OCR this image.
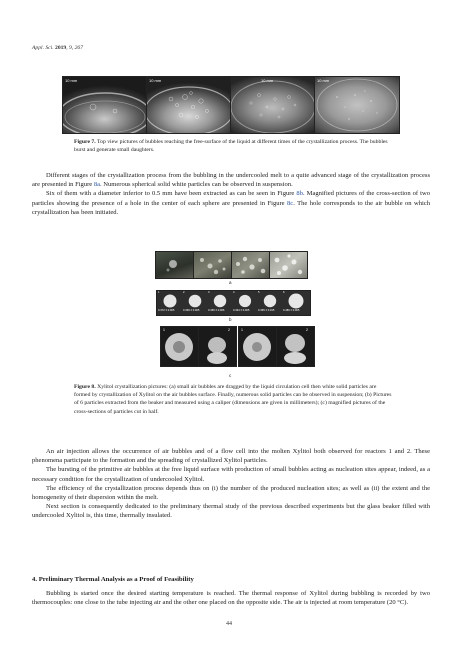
Appl. Sci. 2019, 9, 267
10 mm	10 mm	10 mm	10 mm
Figure 7. Top view pictures of bubbles reaching the free-surface of the liquid at different times of the crystallization process. The bubbles burst and generate small daughters.

Different stages of the crystallization process from the bubbling in the undercooled melt to a quite advanced stage of the crystallization process are presented in Figure 8a. Numerous spherical solid white particles can be observed in suspension.

Six of them with a diameter inferior to 0.5 mm have been extracted as can be seen in Figure 8b. Magnified pictures of the cross-section of two particles showing the presence of a hole in the center of each sphere are presented in Figure 8c. The hole corresponds to the air bubble on which crystallization has been initiated.

a
1	2	3	4	5	6
0.372 ± 0.005	0.369 ± 0.005	0.366 ± 0.006	0.364 ± 0.005	0.365 ± 0.015	0.480 ± 0.005
b
1	2	1	2
c
Figure 8. Xylitol crystallization pictures: (a) small air bubbles are dragged by the liquid circulation cell then white solid particles are formed by crystallization of Xylitol on the air bubbles surface. Finally, numerous solid particles can be observed in suspension; (b) Pictures of 6 particles extracted from the beaker and measured using a caliper (dimensions are given in millimeters); (c) magnified pictures of the cross-sections of particles cut in half.

An air injection allows the occurrence of air bubbles and of a flow cell into the molten Xylitol both observed for reactors 1 and 2. These phenomena participate to the formation and the spreading of crystallized Xylitol particles.

The bursting of the primitive air bubbles at the free liquid surface with production of small bubbles acting as nucleation sites appear, indeed, as a necessary condition for the crystallization of undercooled Xylitol.

The efficiency of the crystallization process depends thus on (i) the number of the produced nucleation sites; as well as (ii) the extent and the homogeneity of their dispersion within the melt.

Next section is consequently dedicated to the preliminary thermal study of the previous described experiments but the glass beaker filled with undercooled Xylitol is, this time, thermally insulated.

4. Preliminary Thermal Analysis as a Proof of Feasibility

Bubbling is started once the desired starting temperature is reached. The thermal response of Xylitol during bubbling is recorded by two thermocouples: one close to the tube injecting air and the other one placed on the opposite side. The air is injected at room temperature (20 °C).

44
